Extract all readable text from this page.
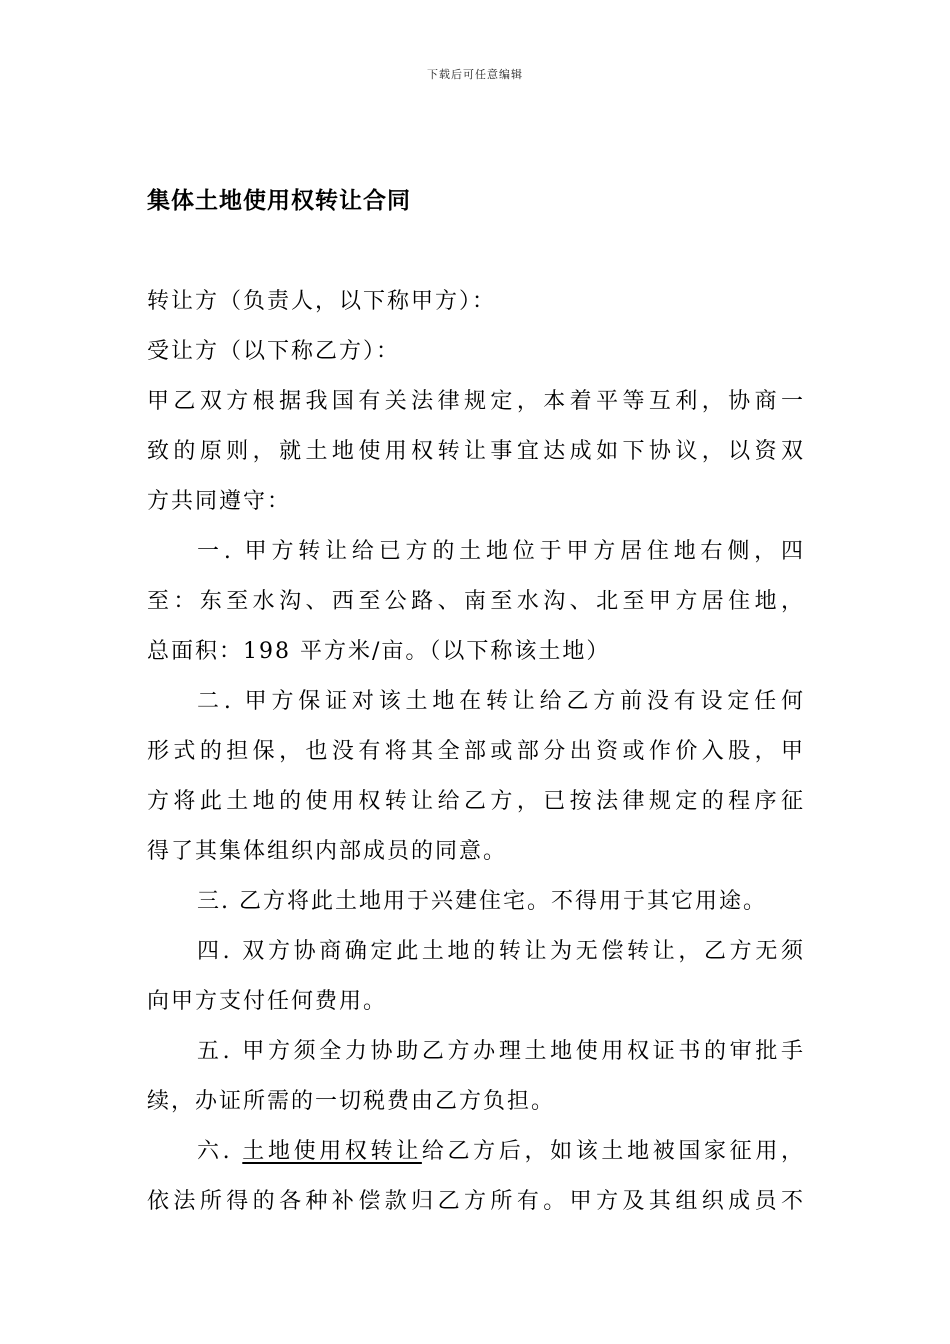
下载后可任意编辑
集体土地使用权转让合同
转让方（负责人，以下称甲方）：
受让方（以下称乙方）：
甲乙双方根据我国有关法律规定，本着平等互利，协商一
致的原则，就土地使用权转让事宜达成如下协议，以资双
方共同遵守：
一. 甲方转让给已方的土地位于甲方居住地右侧，四
至：东至水沟、西至公路、南至水沟、北至甲方居住地，
总面积：198 平方米/亩。（以下称该土地）
二. 甲方保证对该土地在转让给乙方前没有设定任何
形式的担保，也没有将其全部或部分出资或作价入股，甲
方将此土地的使用权转让给乙方，已按法律规定的程序征
得了其集体组织内部成员的同意。
三. 乙方将此土地用于兴建住宅。不得用于其它用途。
四. 双方协商确定此土地的转让为无偿转让，乙方无须
向甲方支付任何费用。
五. 甲方须全力协助乙方办理土地使用权证书的审批手
续，办证所需的一切税费由乙方负担。
六. 土地使用权转让给乙方后，如该土地被国家征用，
依法所得的各种补偿款归乙方所有。甲方及其组织成员不
